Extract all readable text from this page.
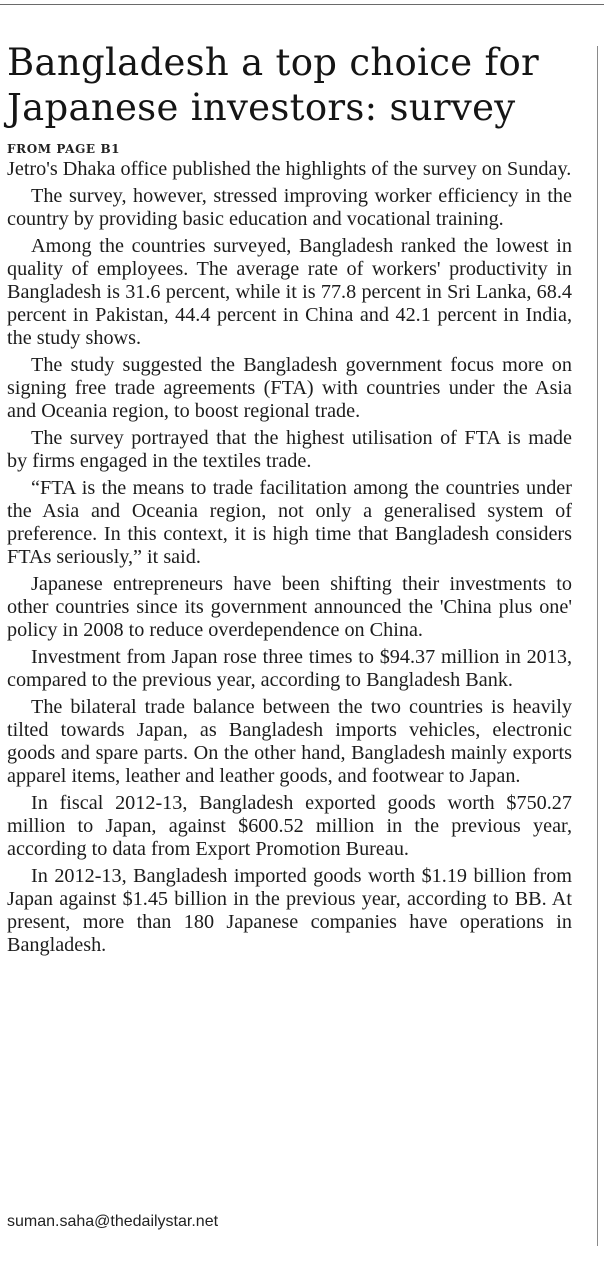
Bangladesh a top choice for Japanese investors: survey
FROM PAGE B1

Jetro's Dhaka office published the highlights of the survey on Sunday.

The survey, however, stressed improving worker efficiency in the country by providing basic education and vocational training.

Among the countries surveyed, Bangladesh ranked the lowest in quality of employees. The average rate of workers' productivity in Bangladesh is 31.6 percent, while it is 77.8 percent in Sri Lanka, 68.4 percent in Pakistan, 44.4 percent in China and 42.1 percent in India, the study shows.

The study suggested the Bangladesh government focus more on signing free trade agreements (FTA) with countries under the Asia and Oceania region, to boost regional trade.

The survey portrayed that the highest utilisation of FTA is made by firms engaged in the textiles trade.

“FTA is the means to trade facilitation among the countries under the Asia and Oceania region, not only a generalised system of preference. In this context, it is high time that Bangladesh considers FTAs seriously,” it said.

Japanese entrepreneurs have been shifting their investments to other countries since its government announced the 'China plus one' policy in 2008 to reduce overdependence on China.

Investment from Japan rose three times to $94.37 million in 2013, compared to the previous year, according to Bangladesh Bank.

The bilateral trade balance between the two countries is heavily tilted towards Japan, as Bangladesh imports vehicles, electronic goods and spare parts. On the other hand, Bangladesh mainly exports apparel items, leather and leather goods, and footwear to Japan.

In fiscal 2012-13, Bangladesh exported goods worth $750.27 million to Japan, against $600.52 million in the previous year, according to data from Export Promotion Bureau.

In 2012-13, Bangladesh imported goods worth $1.19 billion from Japan against $1.45 billion in the previous year, according to BB. At present, more than 180 Japanese companies have operations in Bangladesh.

suman.saha@thedailystar.net
